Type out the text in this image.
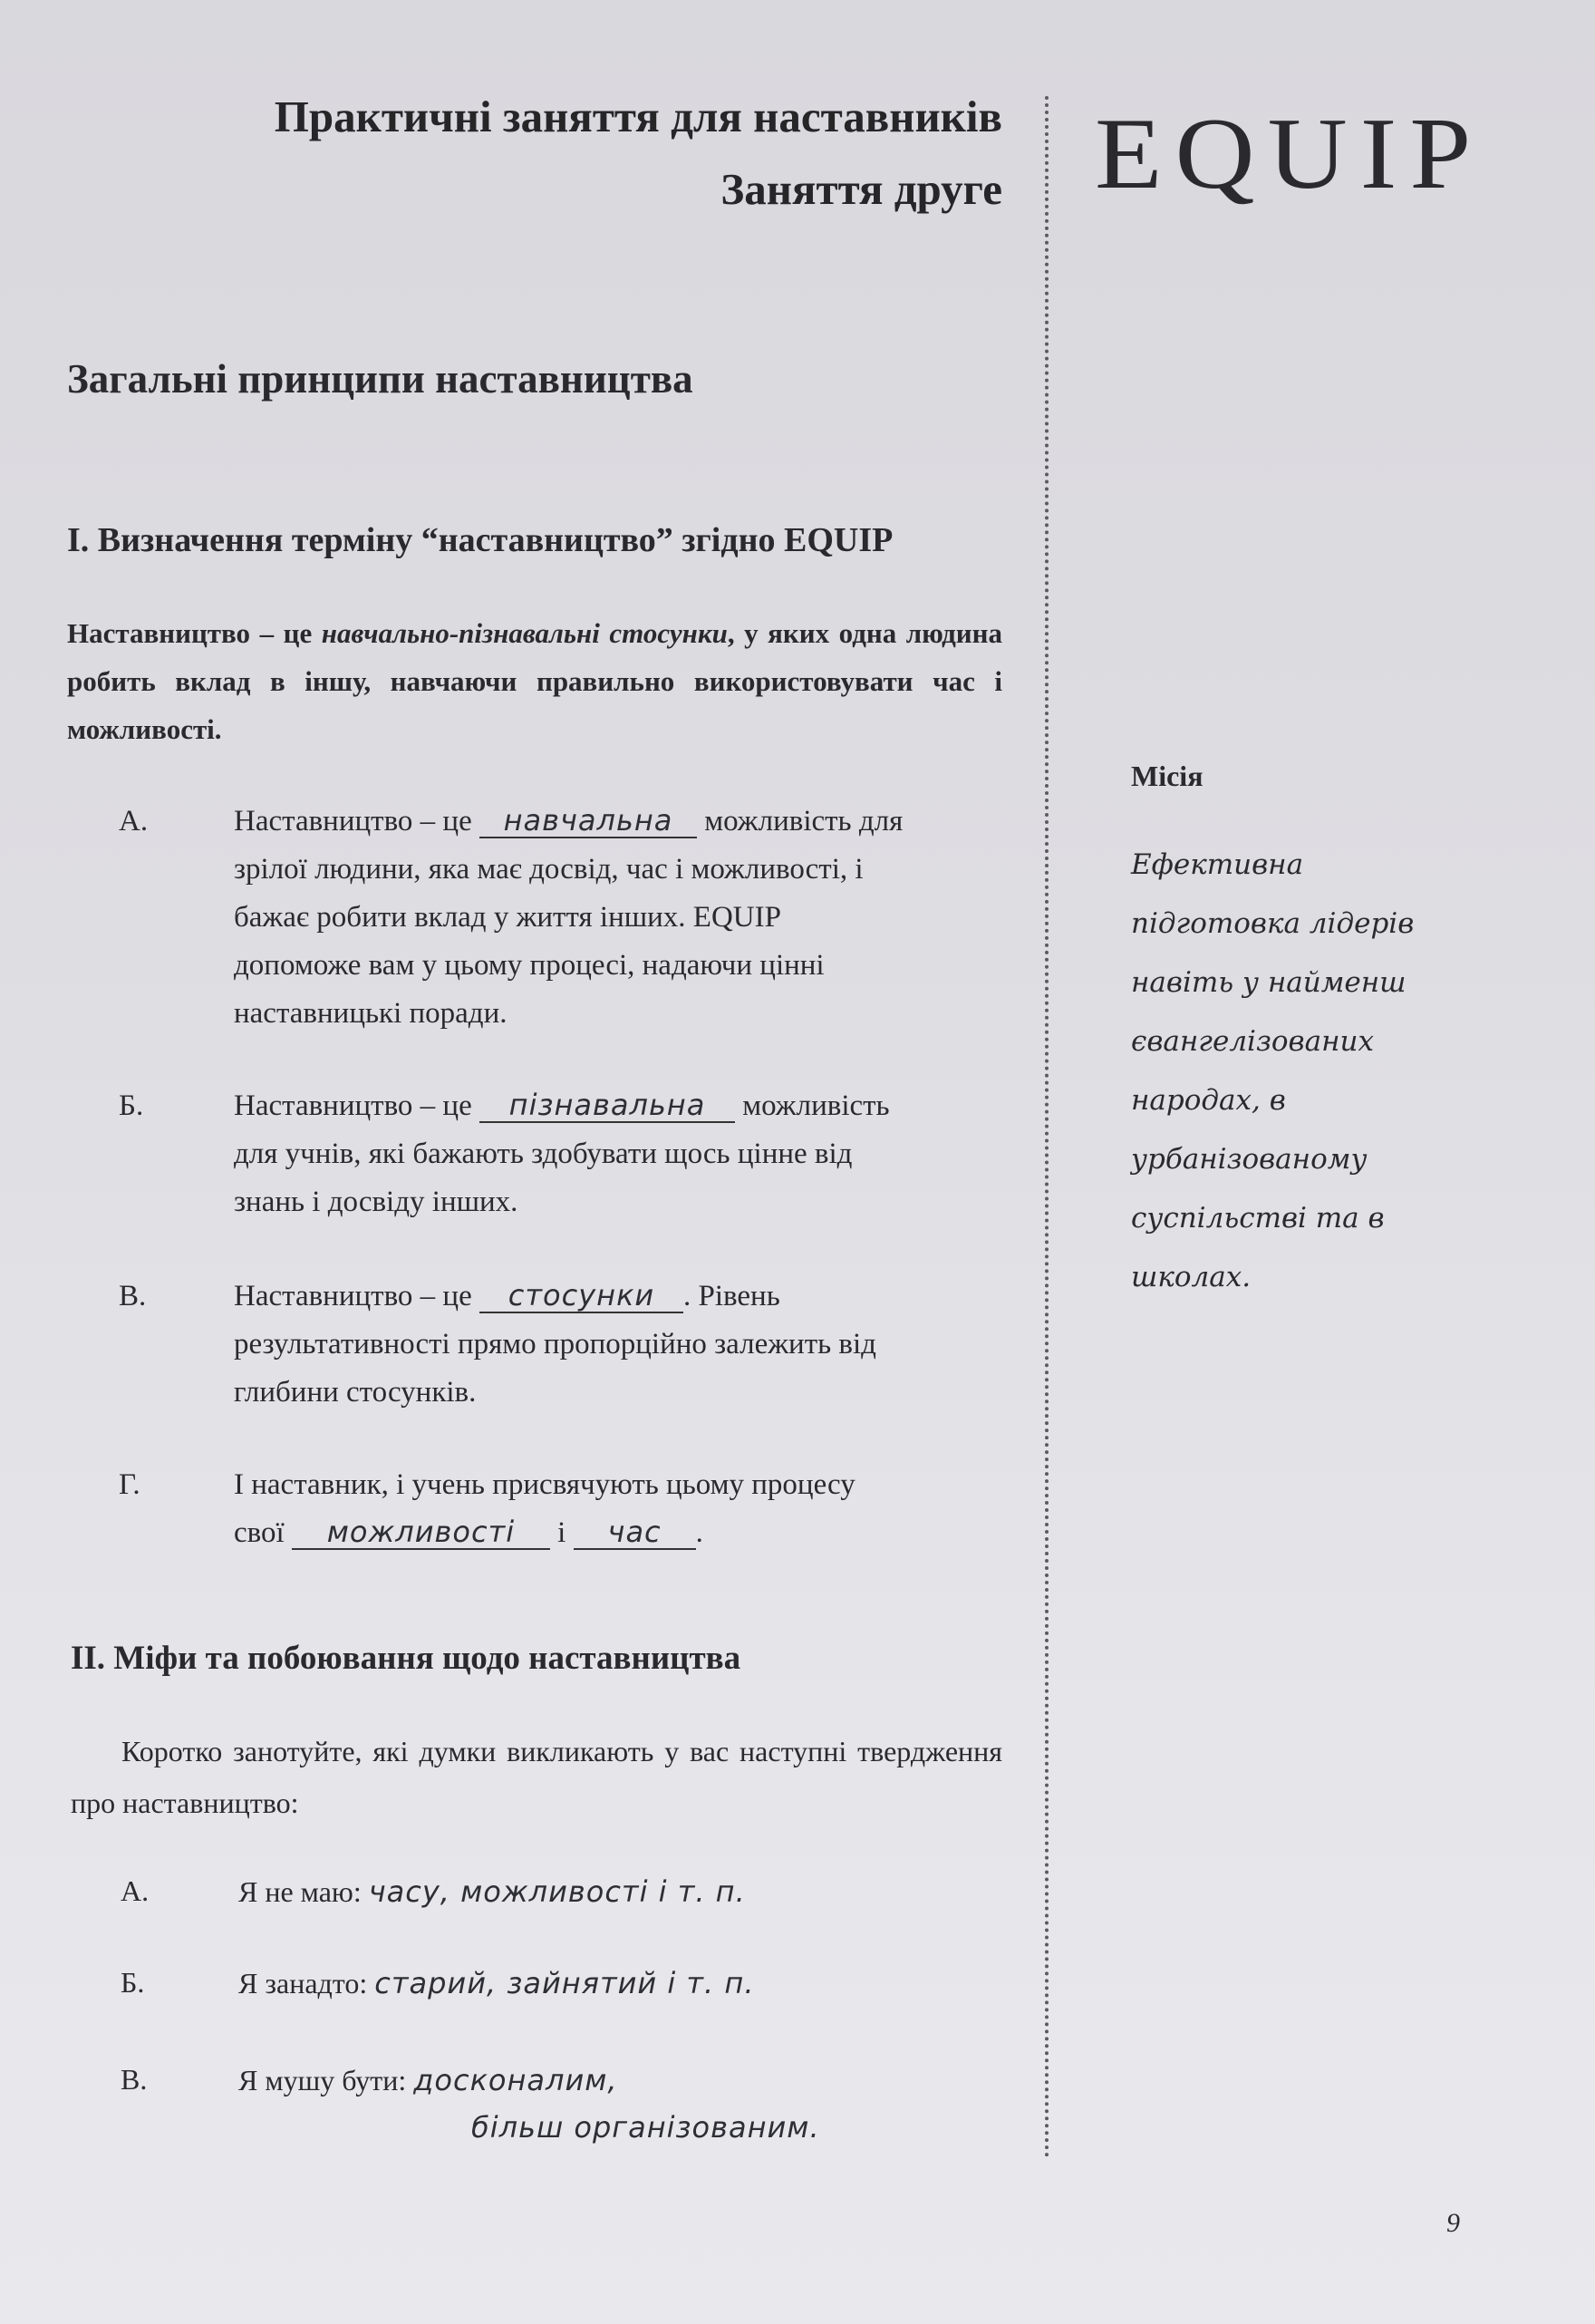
Практичні заняття для наставників
Заняття друге EQUIP
Загальні принципи наставництва
I. Визначення терміну “наставництво” згідно EQUIP

Наставництво – це навчально-пізнавальні стосунки, у яких одна людина робить вклад в іншу, навчаючи правильно використовувати час і можливості.

А.	Наставництво – це навчальна можливість для
зрілої людини, яка має досвід, час і можливості, і
бажає робити вклад у життя інших. EQUIP
допоможе вам у цьому процесі, надаючи цінні
наставницькі поради.
Б.	Наставництво – це пізнавальна можливість
для учнів, які бажають здобувати щось цінне від
знань і досвіду інших.
В.	Наставництво – це стосунки . Рівень
результативності прямо пропорційно залежить від
глибини стосунків.
Г.	І наставник, і учень присвячують цьому процесу
свої можливості і час .
II. Міфи та побоювання щодо наставництва

Коротко занотуйте, які думки викликають у вас наступні твердження про наставництво:

А.	Я не маю: часу, можливості і т. п.
Б.	Я занадто: старий, зайнятий і т. п.
В.	Я мушу бути: досконалим,
більш організованим.
Місія
Ефективна
підготовка лідерів
навіть у найменш
євангелізованих
народах, в
урбанізованому
суспільстві та в
школах.
9
